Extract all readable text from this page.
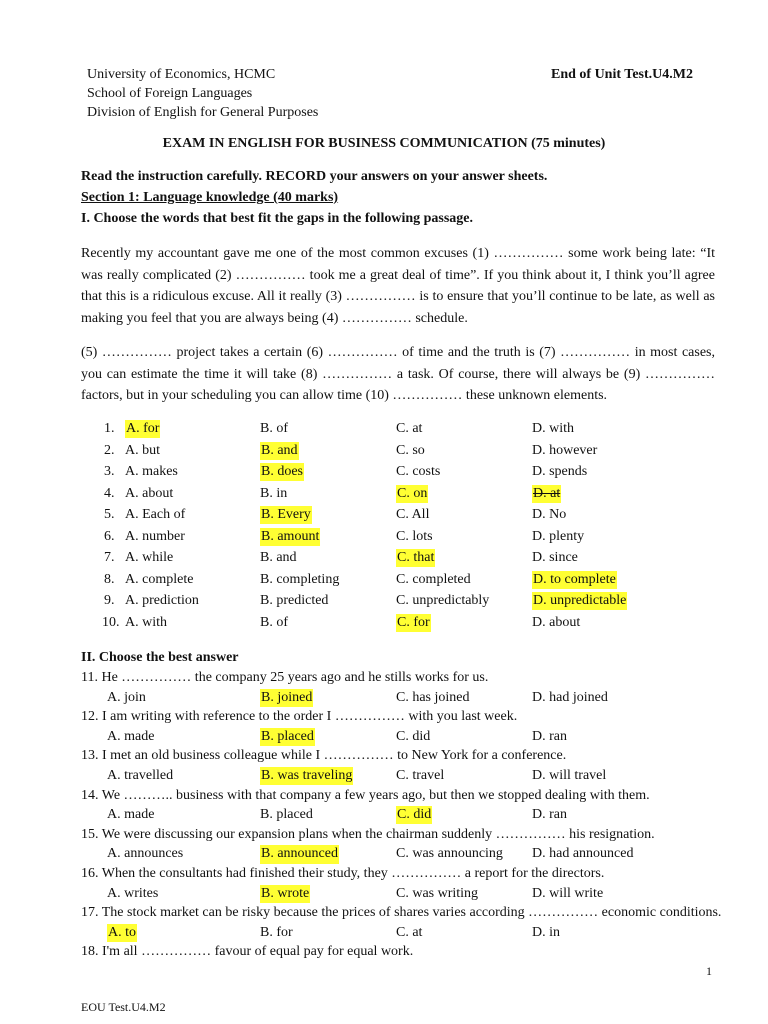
University of Economics, HCMC
School of Foreign Languages
Division of English for General Purposes
End of Unit Test.U4.M2
EXAM IN ENGLISH FOR BUSINESS COMMUNICATION (75 minutes)
Read the instruction carefully. RECORD your answers on your answer sheets.
Section 1: Language knowledge (40 marks)
I. Choose the words that best fit the gaps in the following passage.
Recently my accountant gave me one of the most common excuses (1) …………… some work being late: “It was really complicated (2) …………… took me a great deal of time”. If you think about it, I think you’ll agree that this is a ridiculous excuse. All it really (3) …………… is to ensure that you’ll continue to be late, as well as making you feel that you are always being (4) …………… schedule.
(5) …………… project takes a certain (6) …………… of time and the truth is (7) …………… in most cases, you can estimate the time it will take (8) …………… a task. Of course, there will always be (9) …………… factors, but in your scheduling you can allow time (10) …………… these unknown elements.
1. A. for	B. of	C. at	D. with
2. A. but	B. and	C. so	D. however
3. A. makes	B. does	C. costs	D. spends
4. A. about	B. in	C. on	D. at
5. A. Each of	B. Every	C. All	D. No
6. A. number	B. amount	C. lots	D. plenty
7. A. while	B. and	C. that	D. since
8. A. complete	B. completing	C. completed	D. to complete
9. A. prediction	B. predicted	C. unpredictably	D. unpredictable
10. A. with	B. of	C. for	D. about
II. Choose the best answer
11. He …………… the company 25 years ago and he stills works for us.
A. join	B. joined	C. has joined	D. had joined
12. I am writing with reference to the order I …………… with you last week.
A. made	B. placed	C. did	D. ran
13. I met an old business colleague while I …………… to New York for a conference.
A. travelled	B. was traveling	C. travel	D. will travel
14. We ……….. business with that company a few years ago, but then we stopped dealing with them.
A. made	B. placed	C. did	D. ran
15. We were discussing our expansion plans when the chairman suddenly …………… his resignation.
A. announces	B. announced	C. was announcing D. had announced
16. When the consultants had finished their study, they …………… a report for the directors.
A. writes	B. wrote	C. was writing	D. will write
17. The stock market can be risky because the prices of shares varies according …………… economic conditions.
A. to	B. for	C. at	D. in
18. I'm all …………… favour of equal pay for equal work.
1
EOU Test.U4.M2
